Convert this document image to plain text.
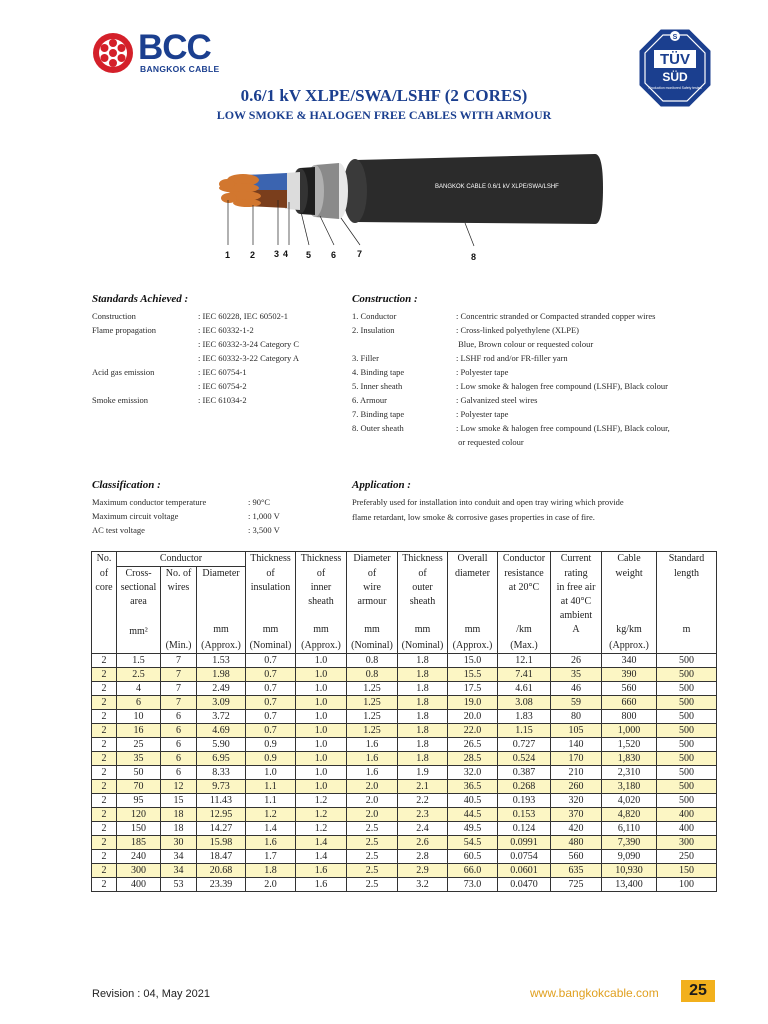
BCC
BANGKOK CABLE
S
TÜV
SÜD
Production monitored Safety tested
0.6/1 kV XLPE/SWA/LSHF (2 CORES)
LOW SMOKE & HALOGEN FREE CABLES WITH ARMOUR
BANGKOK CABLE 0.6/1 kV XLPE/SWA/LSHF
1 2 3 4 5 6 7	8
Standards Achieved :
Construction	: IEC 60228, IEC 60502-1
Flame propagation	: IEC 60332-1-2
: IEC 60332-3-24 Category C
: IEC 60332-3-22 Category A
Acid gas emission	: IEC 60754-1
: IEC 60754-2
Smoke emission	: IEC 61034-2
Construction :
1. Conductor	: Concentric stranded or Compacted stranded copper wires
2. Insulation	: Cross-linked polyethylene (XLPE)
Blue, Brown colour or requested colour
3. Filler	: LSHF rod and/or FR-filler yarn
4. Binding tape	: Polyester tape
5. Inner sheath	: Low smoke & halogen free compound (LSHF), Black colour
6. Armour	: Galvanized steel wires
7. Binding tape	: Polyester tape
8. Outer sheath	: Low smoke & halogen free compound (LSHF), Black colour,
or requested colour
Classification :
Maximum conductor temperature	: 90°C
Maximum circuit voltage	: 1,000 V
AC test voltage	: 3,500 V
Application :
Preferably used for installation into conduit and open tray wiring which provide
flame retardant, low smoke & corrosive gases properties in case of fire.
No.	Conductor			Thickness	Thickness	Diameter	Thickness	Overall	Conductor	Current	Cable	Standard
of	Cross-	No. of	Diameter	of	of	of	of	diameter	resistance	rating	weight	length
core	sectional	wires		insulation	inner	wire	outer		at 20°C	in free air		
	area				sheath	armour	sheath			at 40°C		
										ambient		
	mm²		mm	mm	mm	mm	mm	mm	/km	A	kg/km	m
		(Min.)	(Approx.)	(Nominal)	(Approx.)	(Nominal)	(Nominal)	(Approx.)	(Max.)		(Approx.)	
2	1.5	7	1.53	0.7	1.0	0.8	1.8	15.0	12.1	26	340	500
2	2.5	7	1.98	0.7	1.0	0.8	1.8	15.5	7.41	35	390	500
2	4	7	2.49	0.7	1.0	1.25	1.8	17.5	4.61	46	560	500
2	6	7	3.09	0.7	1.0	1.25	1.8	19.0	3.08	59	660	500
2	10	6	3.72	0.7	1.0	1.25	1.8	20.0	1.83	80	800	500
2	16	6	4.69	0.7	1.0	1.25	1.8	22.0	1.15	105	1,000	500
2	25	6	5.90	0.9	1.0	1.6	1.8	26.5	0.727	140	1,520	500
2	35	6	6.95	0.9	1.0	1.6	1.8	28.5	0.524	170	1,830	500
2	50	6	8.33	1.0	1.0	1.6	1.9	32.0	0.387	210	2,310	500
2	70	12	9.73	1.1	1.0	2.0	2.1	36.5	0.268	260	3,180	500
2	95	15	11.43	1.1	1.2	2.0	2.2	40.5	0.193	320	4,020	500
2	120	18	12.95	1.2	1.2	2.0	2.3	44.5	0.153	370	4,820	400
2	150	18	14.27	1.4	1.2	2.5	2.4	49.5	0.124	420	6,110	400
2	185	30	15.98	1.6	1.4	2.5	2.6	54.5	0.0991	480	7,390	300
2	240	34	18.47	1.7	1.4	2.5	2.8	60.5	0.0754	560	9,090	250
2	300	34	20.68	1.8	1.6	2.5	2.9	66.0	0.0601	635	10,930	150
2	400	53	23.39	2.0	1.6	2.5	3.2	73.0	0.0470	725	13,400	100
Revision : 04, May 2021	www.bangkokcable.com	25
